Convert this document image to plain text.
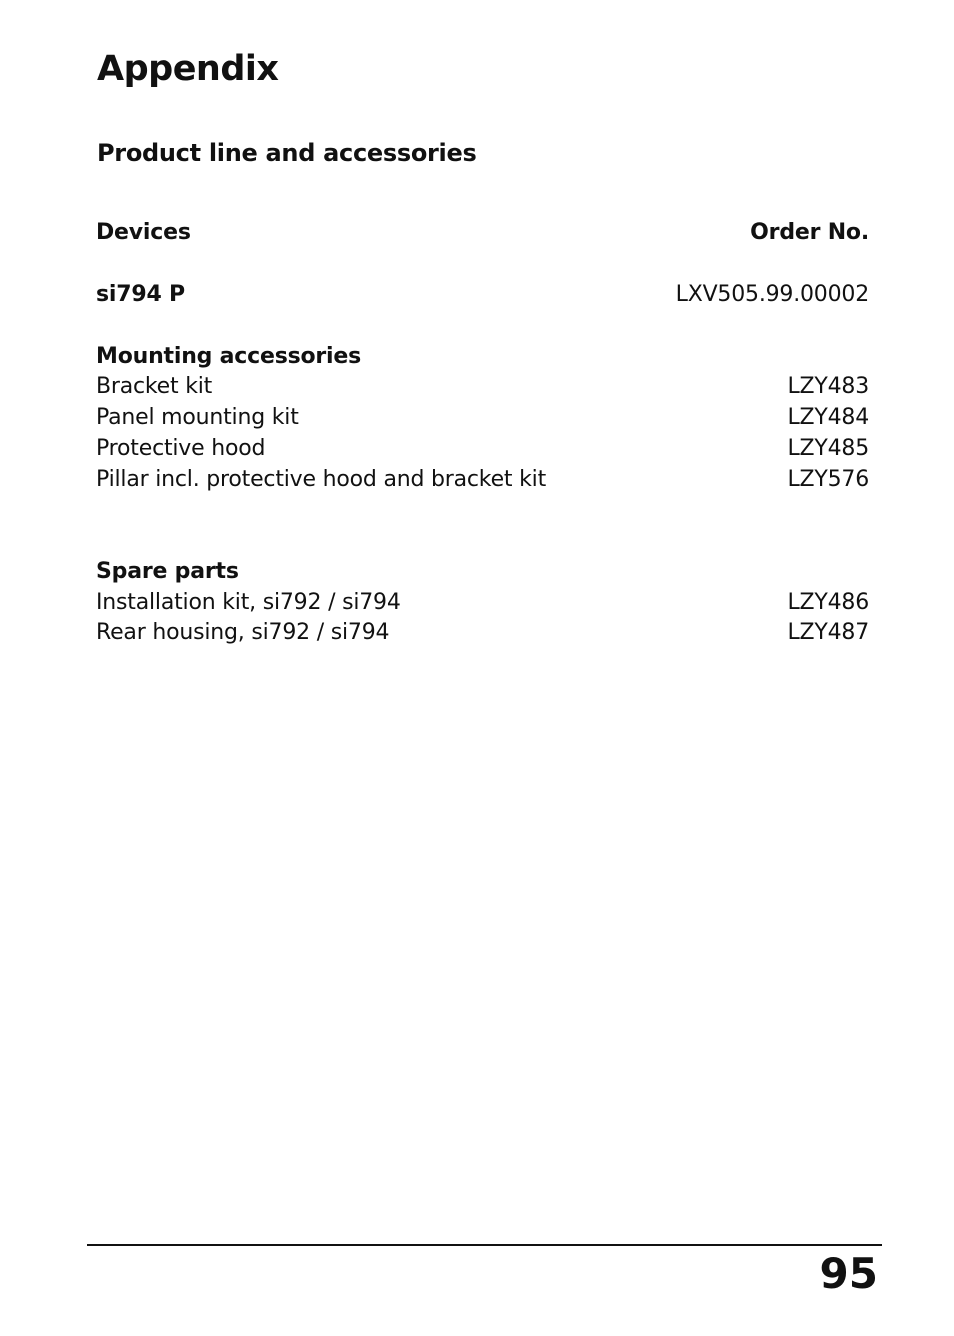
Appendix
Product line and accessories
Devices	Order No.
si794 P	LXV505.99.00002
Mounting accessories
Bracket kit	LZY483
Panel mounting kit	LZY484
Protective hood	LZY485
Pillar incl. protective hood and bracket kit	LZY576
Spare parts
Installation kit, si792 / si794	LZY486
Rear housing, si792 / si794	LZY487
95
